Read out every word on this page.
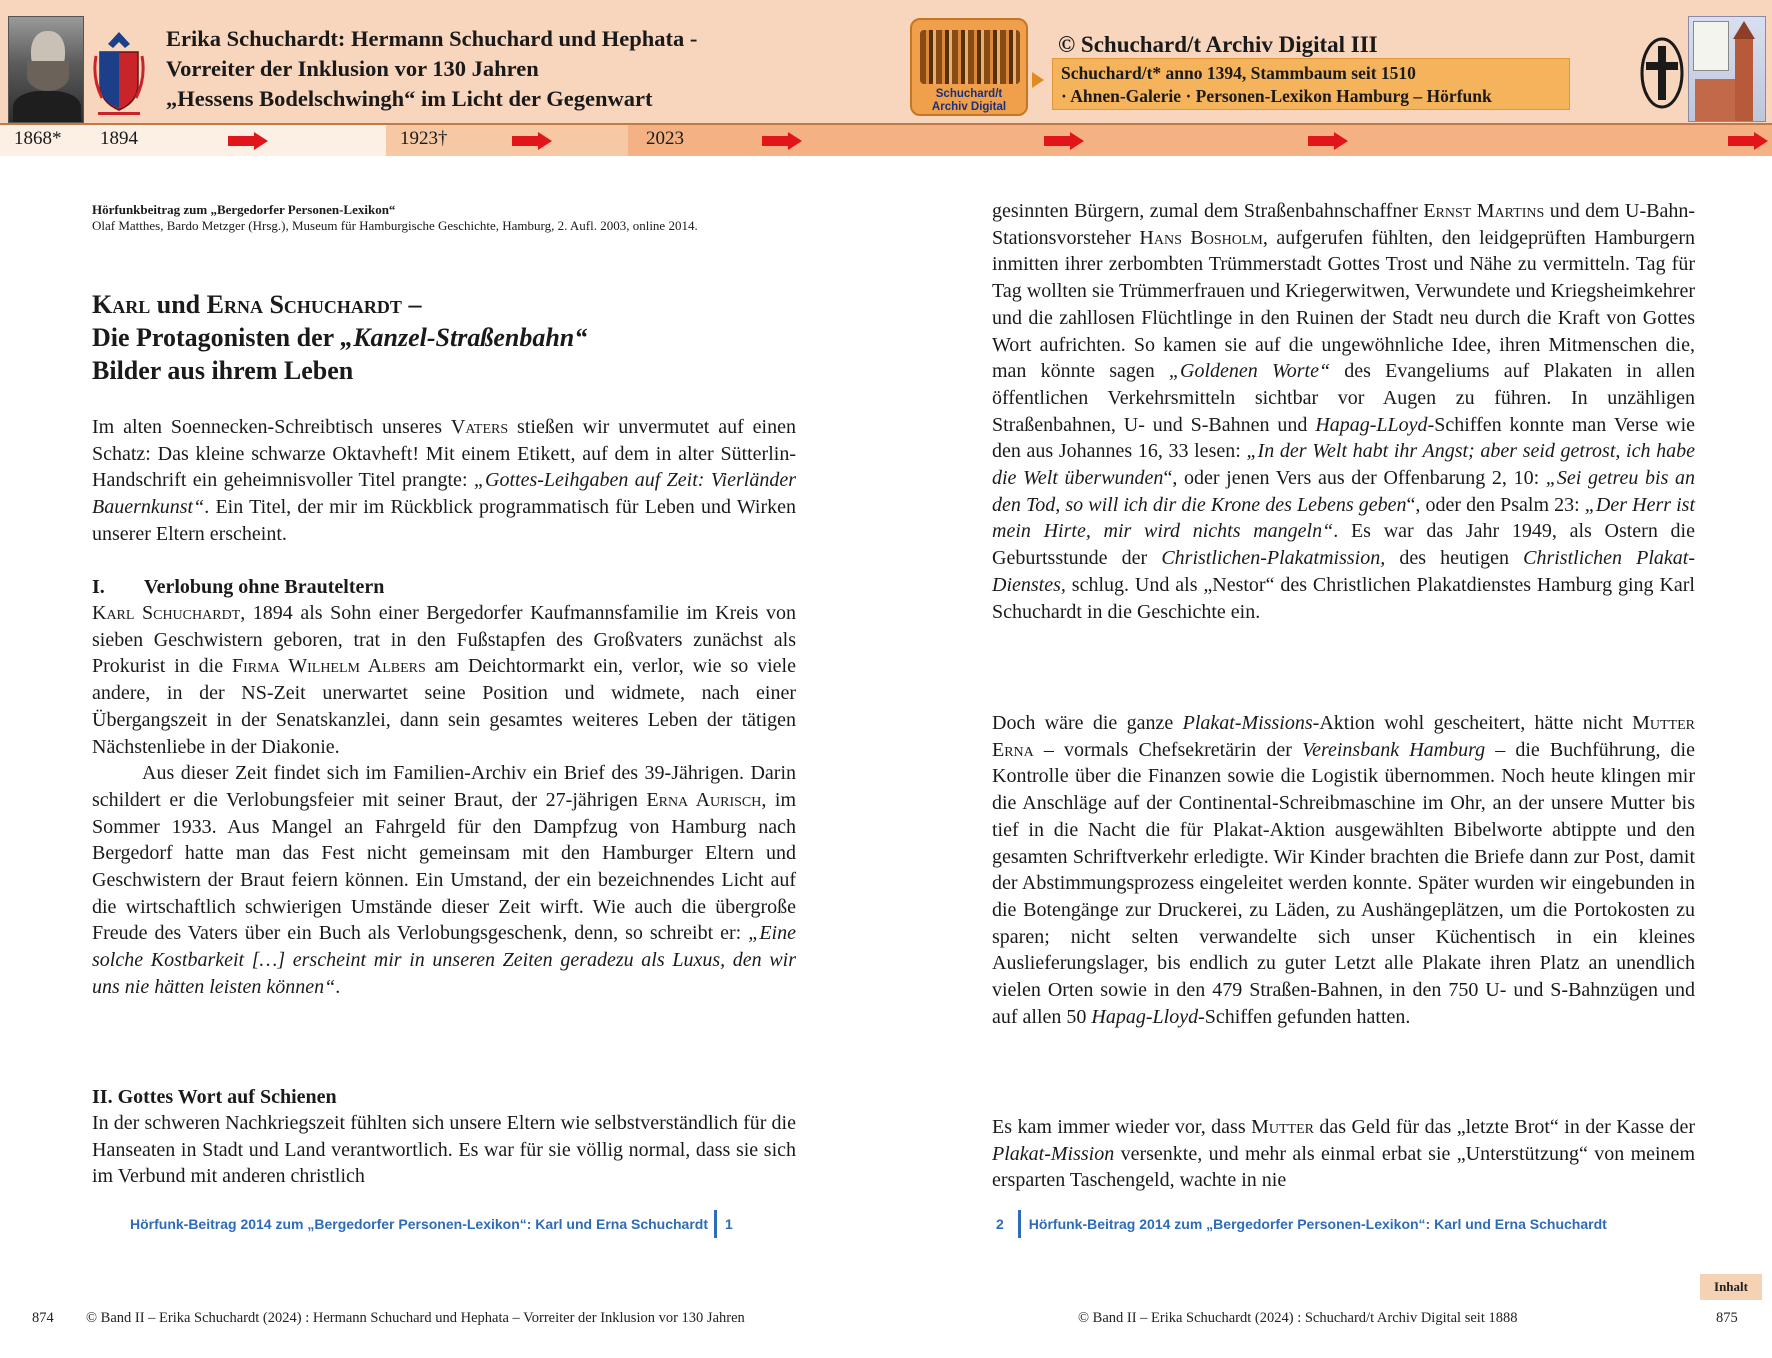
Erika Schuchardt: Hermann Schuchard und Hephata -
Vorreiter der Inklusion vor 130 Jahren
„Hessens Bodelschwingh“ im Licht der Gegenwart	Schuchard/t
Archiv Digital
© Schuchard/t Archiv Digital III
Schuchard/t* anno 1394, Stammbaum seit 1510
· Ahnen-Galerie · Personen-Lexikon Hamburg – Hörfunk
1868* 1894	1923†	2023
Hörfunkbeitrag zum „Bergedorfer Personen-Lexikon“
Olaf Matthes, Bardo Metzger (Hrsg.), Museum für Hamburgische Geschichte, Hamburg, 2. Aufl. 2003, online 2014.
Karl und Erna Schuchardt –
Die Protagonisten der „Kanzel-Straßenbahn“
Bilder aus ihrem Leben
Im alten Soennecken-Schreibtisch unseres Vaters stießen wir unvermutet auf einen Schatz: Das kleine schwarze Oktavheft! Mit einem Etikett, auf dem in alter Sütterlin-Handschrift ein geheimnisvoller Titel prangte: „Gottes-Leihgaben auf Zeit: Vierländer Bauernkunst“. Ein Titel, der mir im Rückblick programmatisch für Leben und Wirken unserer Eltern erscheint.
I. Verlobung ohne Brauteltern
Karl Schuchardt, 1894 als Sohn einer Bergedorfer Kaufmannsfamilie im Kreis von sieben Geschwistern geboren, trat in den Fußstapfen des Großvaters zunächst als Prokurist in die Firma Wilhelm Albers am Deichtormarkt ein, verlor, wie so viele andere, in der NS-Zeit unerwartet seine Position und widmete, nach einer Übergangszeit in der Senatskanzlei, dann sein gesamtes weiteres Leben der tätigen Nächstenliebe in der Diakonie.
Aus dieser Zeit findet sich im Familien-Archiv ein Brief des 39-Jährigen. Darin schildert er die Verlobungsfeier mit seiner Braut, der 27-jährigen Erna Aurisch, im Sommer 1933. Aus Mangel an Fahrgeld für den Dampfzug von Hamburg nach Bergedorf hatte man das Fest nicht gemeinsam mit den Hamburger Eltern und Geschwistern der Braut feiern können. Ein Umstand, der ein bezeichnendes Licht auf die wirtschaftlich schwierigen Umstände dieser Zeit wirft. Wie auch die übergroße Freude des Vaters über ein Buch als Verlobungsgeschenk, denn, so schreibt er: „Eine solche Kostbarkeit […] erscheint mir in unseren Zeiten geradezu als Luxus, den wir uns nie hätten leisten können“.
II. Gottes Wort auf Schienen
In der schweren Nachkriegszeit fühlten sich unsere Eltern wie selbstverständlich für die Hanseaten in Stadt und Land verantwortlich. Es war für sie völlig normal, dass sie sich im Verbund mit anderen christlich
gesinnten Bürgern, zumal dem Straßenbahnschaffner Ernst Martins und dem U-Bahn-Stationsvorsteher Hans Bosholm, aufgerufen fühlten, den leidgeprüften Hamburgern inmitten ihrer zerbombten Trümmerstadt Gottes Trost und Nähe zu vermitteln. Tag für Tag wollten sie Trümmerfrauen und Kriegerwitwen, Verwundete und Kriegsheimkehrer und die zahllosen Flüchtlinge in den Ruinen der Stadt neu durch die Kraft von Gottes Wort aufrichten. So kamen sie auf die ungewöhnliche Idee, ihren Mitmenschen die, man könnte sagen „Goldenen Worte“ des Evangeliums auf Plakaten in allen öffentlichen Verkehrsmitteln sichtbar vor Augen zu führen. In unzähligen Straßenbahnen, U- und S-Bahnen und Hapag-LLoyd-Schiffen konnte man Verse wie den aus Johannes 16, 33 lesen: „In der Welt habt ihr Angst; aber seid getrost, ich habe die Welt überwunden“, oder jenen Vers aus der Offenbarung 2, 10: „Sei getreu bis an den Tod, so will ich dir die Krone des Lebens geben“, oder den Psalm 23: „Der Herr ist mein Hirte, mir wird nichts mangeln“. Es war das Jahr 1949, als Ostern die Geburtsstunde der Christlichen-Plakatmission, des heutigen Christlichen Plakat-Dienstes, schlug. Und als „Nestor“ des Christlichen Plakatdienstes Hamburg ging Karl Schuchardt in die Geschichte ein.
Doch wäre die ganze Plakat-Missions-Aktion wohl gescheitert, hätte nicht Mutter Erna – vormals Chefsekretärin der Vereinsbank Hamburg – die Buchführung, die Kontrolle über die Finanzen sowie die Logistik übernommen. Noch heute klingen mir die Anschläge auf der Continental-Schreibmaschine im Ohr, an der unsere Mutter bis tief in die Nacht die für Plakat-Aktion ausgewählten Bibelworte abtippte und den gesamten Schriftverkehr erledigte. Wir Kinder brachten die Briefe dann zur Post, damit der Abstimmungsprozess eingeleitet werden konnte. Später wurden wir eingebunden in die Botengänge zur Druckerei, zu Läden, zu Aushängeplätzen, um die Portokosten zu sparen; nicht selten verwandelte sich unser Küchentisch in ein kleines Auslieferungslager, bis endlich zu guter Letzt alle Plakate ihren Platz an unendlich vielen Orten sowie in den 479 Straßen-Bahnen, in den 750 U- und S-Bahnzügen und auf allen 50 Hapag-Lloyd-Schiffen gefunden hatten.
Es kam immer wieder vor, dass Mutter das Geld für das „letzte Brot“ in der Kasse der Plakat-Mission versenkte, und mehr als einmal erbat sie „Unterstützung“ von meinem ersparten Taschengeld, wachte in nie
Hörfunk-Beitrag 2014 zum „Bergedorfer Personen-Lexikon“: Karl und Erna Schuchardt 1	2 Hörfunk-Beitrag 2014 zum „Bergedorfer Personen-Lexikon“: Karl und Erna Schuchardt
874 © Band II – Erika Schuchardt (2024) : Hermann Schuchard und Hephata – Vorreiter der Inklusion vor 130 Jahren	© Band II – Erika Schuchardt (2024) : Schuchard/t Archiv Digital seit 1888	875
Inhalt
